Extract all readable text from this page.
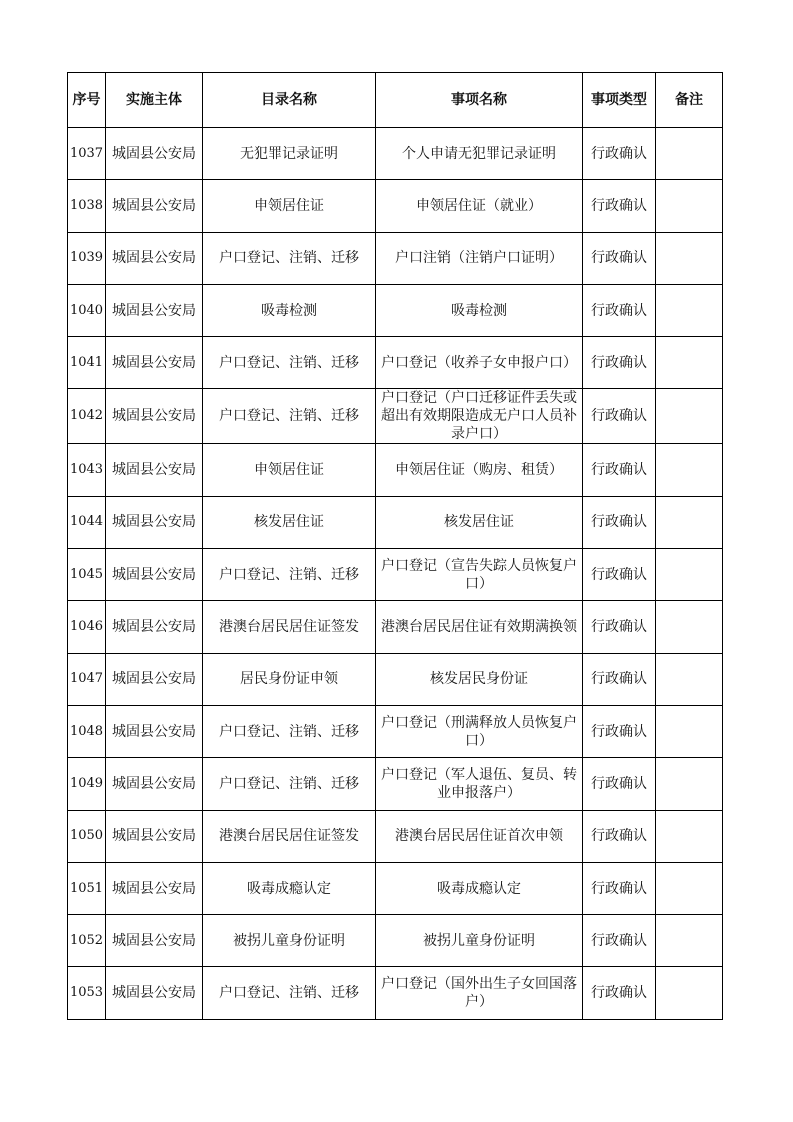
序号	实施主体	目录名称	事项名称	事项类型	备注

1037	城固县公安局	无犯罪记录证明	个人申请无犯罪记录证明	行政确认	

1038	城固县公安局	申领居住证	申领居住证（就业）	行政确认	

1039	城固县公安局	户口登记、注销、迁移	户口注销（注销户口证明）	行政确认	

1040	城固县公安局	吸毒检测	吸毒检测	行政确认	

1041	城固县公安局	户口登记、注销、迁移	户口登记（收养子女申报户口）	行政确认	

1042	城固县公安局	户口登记、注销、迁移	户口登记（户口迁移证件丢失或超出有效期限造成无户口人员补录户口）	行政确认	

1043	城固县公安局	申领居住证	申领居住证（购房、租赁）	行政确认	

1044	城固县公安局	核发居住证	核发居住证	行政确认	

1045	城固县公安局	户口登记、注销、迁移	户口登记（宣告失踪人员恢复户口）	行政确认	

1046	城固县公安局	港澳台居民居住证签发	港澳台居民居住证有效期满换领	行政确认	

1047	城固县公安局	居民身份证申领	核发居民身份证	行政确认	

1048	城固县公安局	户口登记、注销、迁移	户口登记（刑满释放人员恢复户口）	行政确认	

1049	城固县公安局	户口登记、注销、迁移	户口登记（军人退伍、复员、转业申报落户）	行政确认	

1050	城固县公安局	港澳台居民居住证签发	港澳台居民居住证首次申领	行政确认	

1051	城固县公安局	吸毒成瘾认定	吸毒成瘾认定	行政确认	

1052	城固县公安局	被拐儿童身份证明	被拐儿童身份证明	行政确认	

1053	城固县公安局	户口登记、注销、迁移	户口登记（国外出生子女回国落户）	行政确认	
